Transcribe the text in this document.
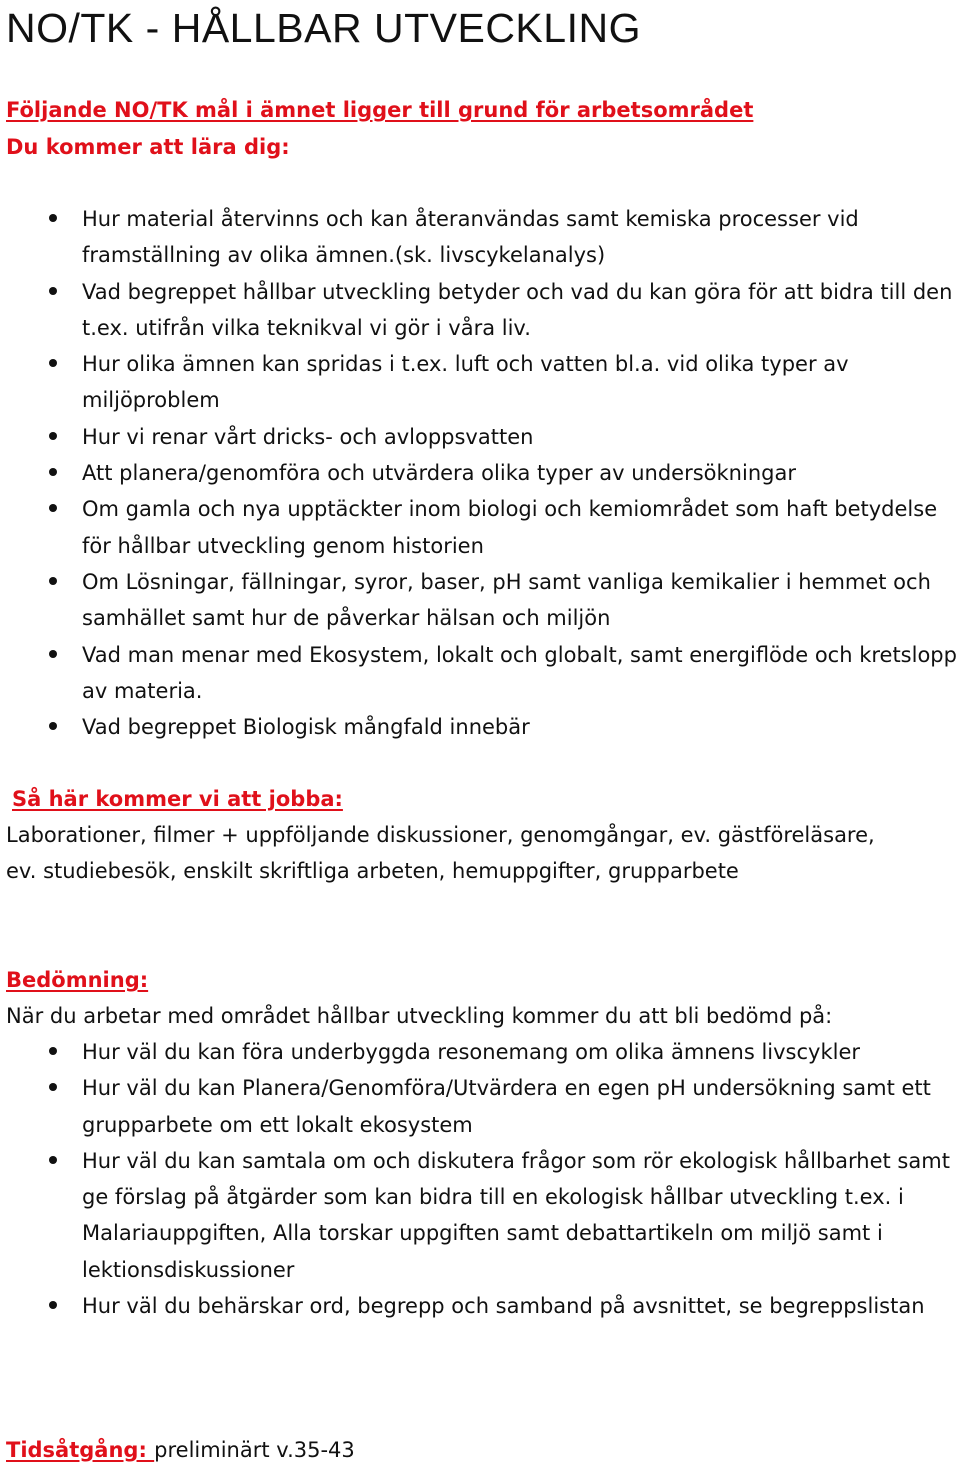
NO/TK - HÅLLBAR UTVECKLING

Följande NO/TK mål i ämnet ligger till grund för arbetsområdet

Du kommer att lära dig:

Hur material återvinns och kan återanvändas samt kemiska processer vid framställning av olika ämnen.(sk. livscykelanalys)
Vad begreppet hållbar utveckling betyder och vad du kan göra för att bidra till den t.ex. utifrån vilka teknikval vi gör i våra liv.
Hur olika ämnen kan spridas i t.ex. luft och vatten bl.a. vid olika typer av miljöproblem
Hur vi renar vårt dricks- och avloppsvatten
Att planera/genomföra och utvärdera olika typer av undersökningar
Om gamla och nya upptäckter inom biologi och kemiområdet som haft betydelse för hållbar utveckling genom historien
Om Lösningar, fällningar, syror, baser, pH samt vanliga kemikalier i hemmet och samhället samt hur de påverkar hälsan och miljön
Vad man menar med Ekosystem, lokalt och globalt, samt energiflöde och kretslopp av materia.
Vad begreppet Biologisk mångfald innebär

Så här kommer vi att jobba:

Laborationer, filmer + uppföljande diskussioner, genomgångar, ev. gästföreläsare, ev. studiebesök, enskilt skriftliga arbeten, hemuppgifter, grupparbete

Bedömning:

När du arbetar med området hållbar utveckling kommer du att bli bedömd på:

Hur väl du kan föra underbyggda resonemang om olika ämnens livscykler
Hur väl du kan Planera/Genomföra/Utvärdera en egen pH undersökning samt ett grupparbete om ett lokalt ekosystem
Hur väl du kan samtala om och diskutera frågor som rör ekologisk hållbarhet samt ge förslag på åtgärder som kan bidra till en ekologisk hållbar utveckling t.ex. i Malariauppgiften, Alla torskar uppgiften samt debattartikeln om miljö samt i lektionsdiskussioner
Hur väl du behärskar ord, begrepp och samband på avsnittet, se begreppslistan
Tidsåtgång: preliminärt v.35-43
